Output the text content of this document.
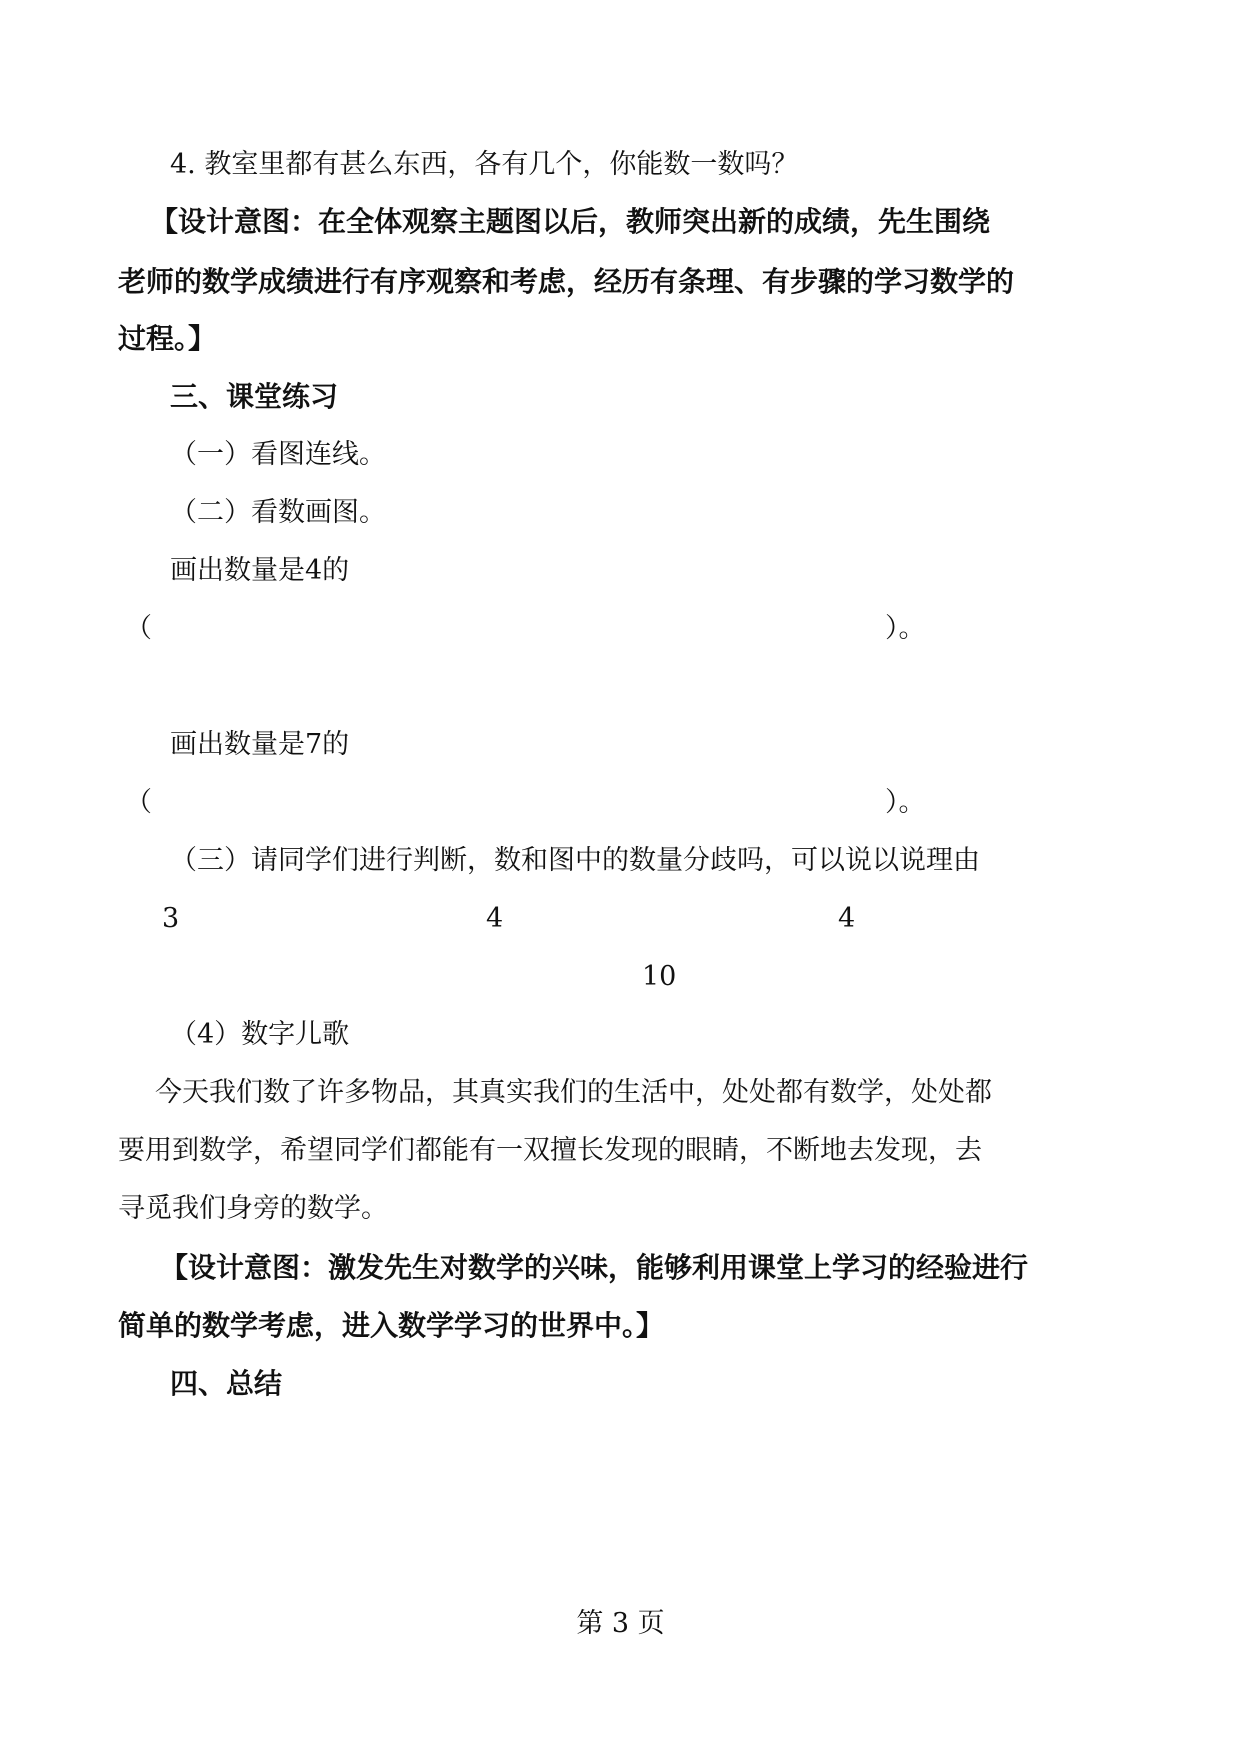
4. 教室里都有甚么东西，各有几个，你能数一数吗？

【设计意图：在全体观察主题图以后，教师突出新的成绩，先生围绕

老师的数学成绩进行有序观察和考虑，经历有条理、有步骤的学习数学的

过程。】

三、课堂练习

（一）看图连线。

（二）看数画图。

画出数量是4的

（	）。

画出数量是7的

（	）。

（三）请同学们进行判断，数和图中的数量分歧吗，可以说以说理由

3	4	4
10

（4）数字儿歌

今天我们数了许多物品，其真实我们的生活中，处处都有数学，处处都

要用到数学，希望同学们都能有一双擅长发现的眼睛，不断地去发现，去

寻觅我们身旁的数学。

【设计意图：激发先生对数学的兴味，能够利用课堂上学习的经验进行

简单的数学考虑，进入数学学习的世界中。】

四、总结

第 3 页
